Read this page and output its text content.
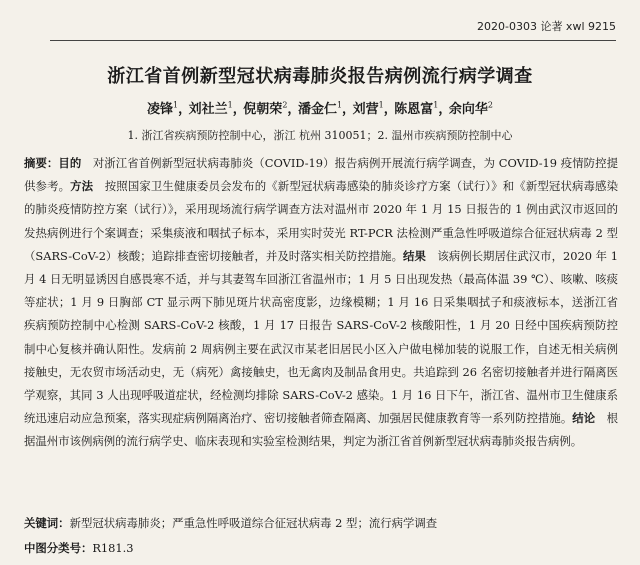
2020-0303 论著 xwl 9215
浙江省首例新型冠状病毒肺炎报告病例流行病学调查
凌锋$^1$， 刘社兰$^1$， 倪朝荣$^2$， 潘金仁$^1$， 刘营$^1$， 陈恩富$^1$， 余向华$^2$
1. 浙江省疾病预防控制中心，浙江 杭州 310051；2. 温州市疾病预防控制中心
摘要：目的　 对浙江省首例新型冠状病毒肺炎（COVID-19）报告病例开展流行病学调查，为 COVID-19 疫情防控提供参考。方法　 按照国家卫生健康委员会发布的《新型冠状病毒感染的肺炎诊疗方案（试行）》和《新型冠状病毒感染的肺炎疫情防控方案（试行）》，采用现场流行病学调查方法对温州市 2020 年 1 月 15 日报告的 1 例由武汉市返回的发热病例进行个案调查；采集痰液和咽拭子标本，采用实时荧光 RT-PCR 法检测严重急性呼吸道综合征冠状病毒 2 型（SARS-CoV-2）核酸；追踪排查密切接触者，并及时落实相关防控措施。结果　 该病例长期居住武汉市，2020 年 1 月 4 日无明显诱因自感畏寒不适，并与其妻驾车回浙江省温州市；1 月 5 日出现发热（最高体温 39 ℃）、咳嗽、咳痰等症状；1 月 9 日胸部 CT 显示两下肺见斑片状高密度影，边缘模糊；1 月 16 日采集咽拭子和痰液标本，送浙江省疾病预防控制中心检测 SARS-CoV-2 核酸，1 月 17 日报告 SARS-CoV-2 核酸阳性，1 月 20 日经中国疾病预防控制中心复核并确认阳性。发病前 2 周病例主要在武汉市某老旧居民小区入户做电梯加装的说服工作，自述无相关病例接触史，无农贸市场活动史，无（病死）禽接触史，也无禽肉及制品食用史。共追踪到 26 名密切接触者并进行隔离医学观察，其同 3 人出现呼吸道症状，经检测均排除 SARS-CoV-2 感染。1 月 16 日下午，浙江省、温州市卫生健康系统迅速启动应急预案，落实现症病例隔离治疗、密切接触者筛查隔离、加强居民健康教育等一系列防控措施。结论　 根据温州市该例病例的流行病学史、临床表现和实验室检测结果，判定为浙江省首例新型冠状病毒肺炎报告病例。
关键词：新型冠状病毒肺炎；严重急性呼吸道综合征冠状病毒 2 型；流行病学调查
中图分类号：R181.3
